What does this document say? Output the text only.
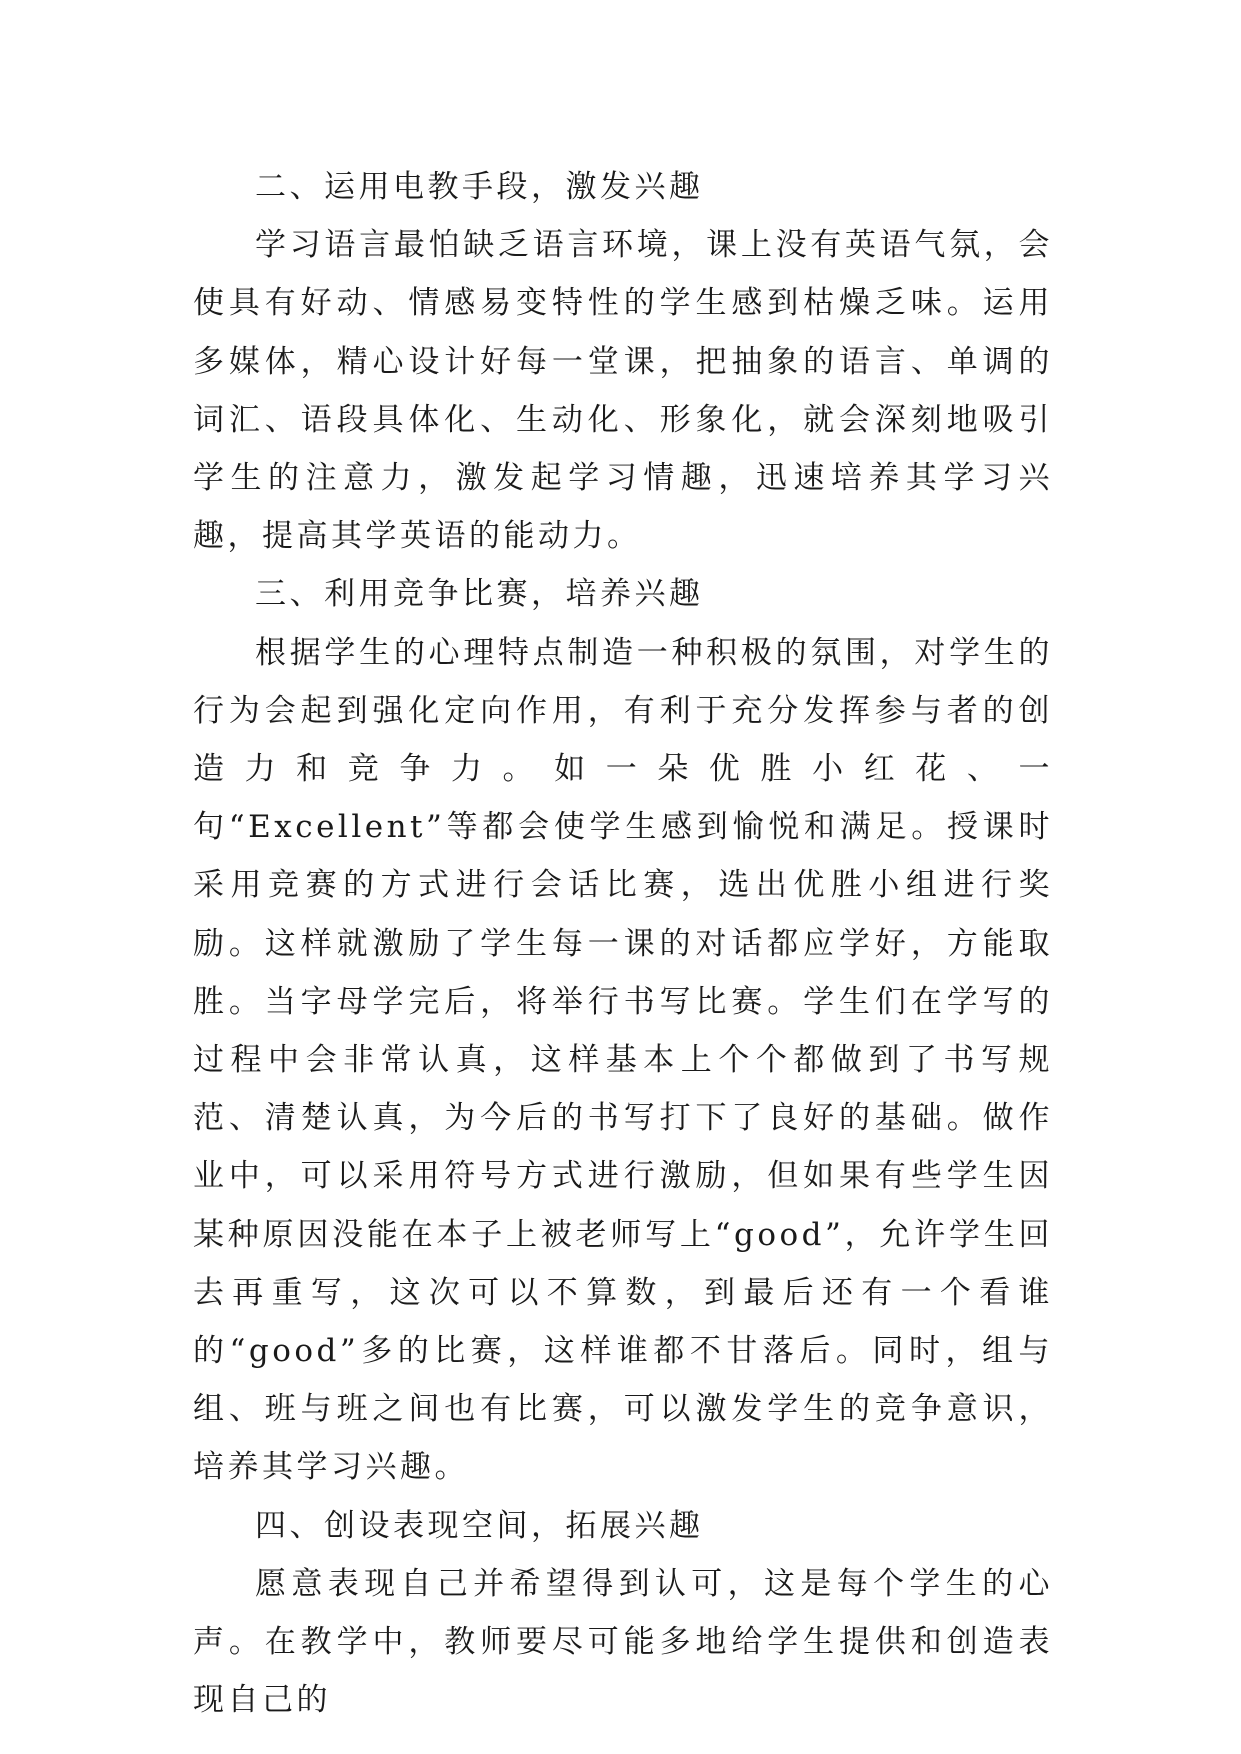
二、运用电教手段，激发兴趣

学习语言最怕缺乏语言环境，课上没有英语气氛，会使具有好动、情感易变特性的学生感到枯燥乏味。运用多媒体，精心设计好每一堂课，把抽象的语言、单调的词汇、语段具体化、生动化、形象化，就会深刻地吸引学生的注意力，激发起学习情趣，迅速培养其学习兴趣，提高其学英语的能动力。

三、利用竞争比赛，培养兴趣

根据学生的心理特点制造一种积极的氛围，对学生的行为会起到强化定向作用，有利于充分发挥参与者的创造力和竞争力。如一朵优胜小红花、一句“Excellent”等都会使学生感到愉悦和满足。授课时采用竞赛的方式进行会话比赛，选出优胜小组进行奖励。这样就激励了学生每一课的对话都应学好，方能取胜。当字母学完后，将举行书写比赛。学生们在学写的过程中会非常认真，这样基本上个个都做到了书写规范、清楚认真，为今后的书写打下了良好的基础。做作业中，可以采用符号方式进行激励，但如果有些学生因某种原因没能在本子上被老师写上“good”，允许学生回去再重写，这次可以不算数，到最后还有一个看谁的“good”多的比赛，这样谁都不甘落后。同时，组与组、班与班之间也有比赛，可以激发学生的竞争意识，培养其学习兴趣。

四、创设表现空间，拓展兴趣

愿意表现自己并希望得到认可，这是每个学生的心声。在教学中，教师要尽可能多地给学生提供和创造表现自己的
